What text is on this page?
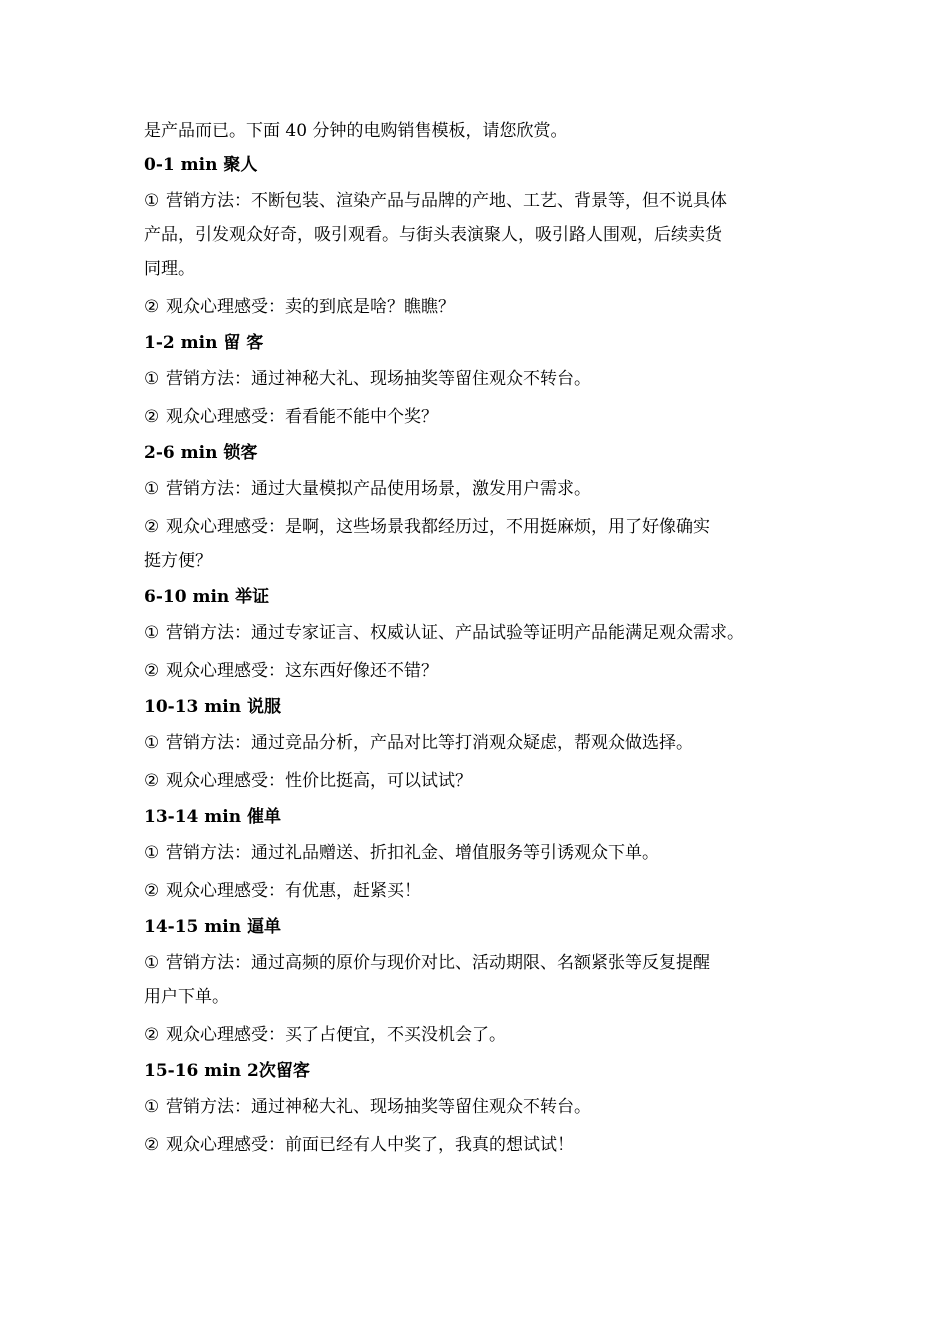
是产品而已。下面 40 分钟的电购销售模板，请您欣赏。
0-1 min 聚人
① 营销方法：不断包装、渲染产品与品牌的产地、工艺、背景等，但不说具体
产品，引发观众好奇，吸引观看。与街头表演聚人，吸引路人围观，后续卖货
同理。
② 观众心理感受：卖的到底是啥？瞧瞧？
1-2 min 留 客
① 营销方法：通过神秘大礼、现场抽奖等留住观众不转台。
② 观众心理感受：看看能不能中个奖？
2-6 min 锁客
① 营销方法：通过大量模拟产品使用场景，激发用户需求。
② 观众心理感受：是啊，这些场景我都经历过，不用挺麻烦，用了好像确实
挺方便？
6-10 min 举证
① 营销方法：通过专家证言、权威认证、产品试验等证明产品能满足观众需求。
② 观众心理感受：这东西好像还不错？
10-13 min 说服
① 营销方法：通过竞品分析，产品对比等打消观众疑虑，帮观众做选择。
② 观众心理感受：性价比挺高，可以试试？
13-14 min 催单
① 营销方法：通过礼品赠送、折扣礼金、增值服务等引诱观众下单。
② 观众心理感受：有优惠，赶紧买！
14-15 min 逼单
① 营销方法：通过高频的原价与现价对比、活动期限、名额紧张等反复提醒
用户下单。
② 观众心理感受：买了占便宜，不买没机会了。
15-16 min 2次留客
① 营销方法：通过神秘大礼、现场抽奖等留住观众不转台。
② 观众心理感受：前面已经有人中奖了，我真的想试试！
